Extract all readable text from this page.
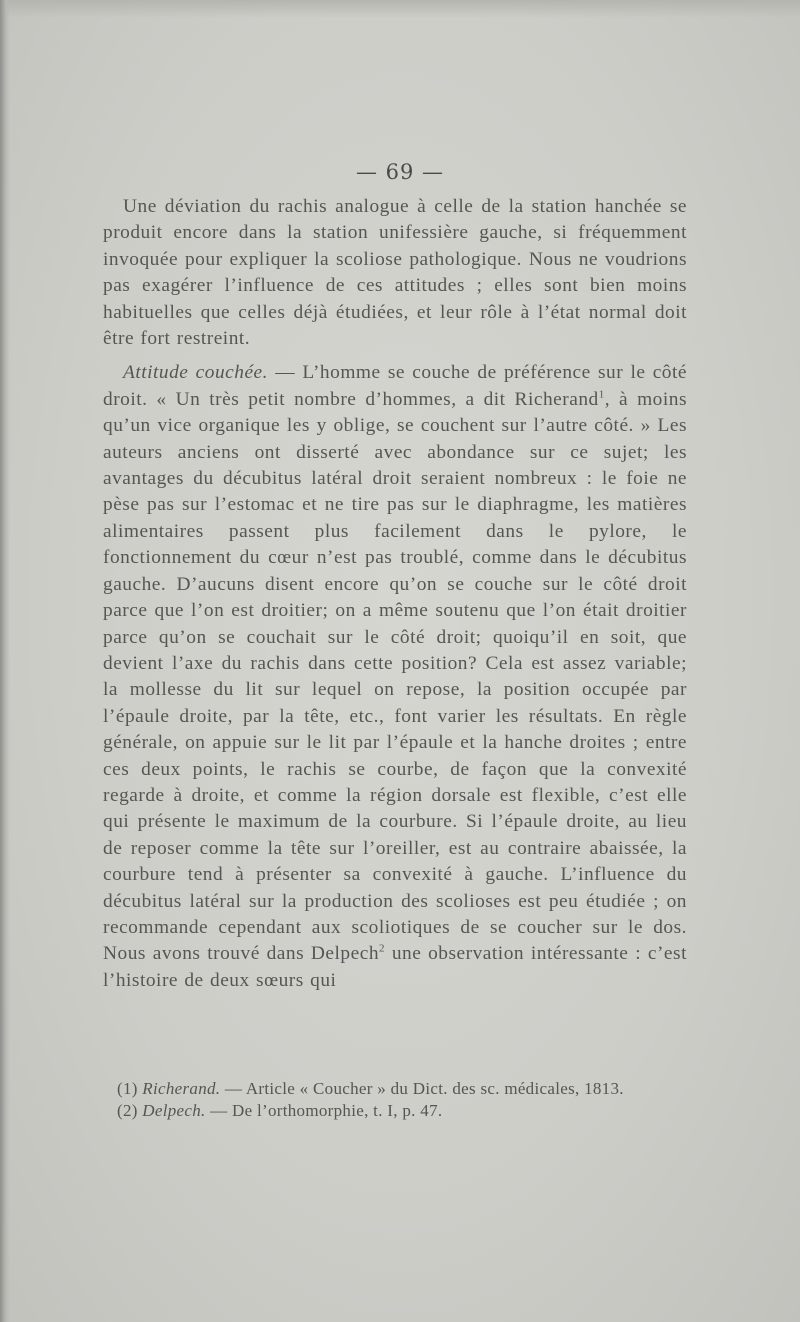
— 69 —

Une déviation du rachis analogue à celle de la station hanchée se produit encore dans la station unifessière gauche, si fréquemment invoquée pour expliquer la scoliose pathologique. Nous ne voudrions pas exagérer l’influence de ces attitudes ; elles sont bien moins habituelles que celles déjà étudiées, et leur rôle à l’état normal doit être fort restreint.

Attitude couchée. — L’homme se couche de préférence sur le côté droit. « Un très petit nombre d’hommes, a dit Richerand$^1$, à moins qu’un vice organique les y oblige, se couchent sur l’autre côté. » Les auteurs anciens ont disserté avec abondance sur ce sujet; les avantages du décubitus latéral droit seraient nombreux : le foie ne pèse pas sur l’estomac et ne tire pas sur le diaphragme, les matières alimentaires passent plus facilement dans le pylore, le fonctionnement du cœur n’est pas troublé, comme dans le décubitus gauche. D’aucuns disent encore qu’on se couche sur le côté droit parce que l’on est droitier; on a même soutenu que l’on était droitier parce qu’on se couchait sur le côté droit; quoiqu’il en soit, que devient l’axe du rachis dans cette position? Cela est assez variable; la mollesse du lit sur lequel on repose, la position occupée par l’épaule droite, par la tête, etc., font varier les résultats. En règle générale, on appuie sur le lit par l’épaule et la hanche droites ; entre ces deux points, le rachis se courbe, de façon que la convexité regarde à droite, et comme la région dorsale est flexible, c’est elle qui présente le maximum de la courbure. Si l’épaule droite, au lieu de reposer comme la tête sur l’oreiller, est au contraire abaissée, la courbure tend à présenter sa convexité à gauche. L’influence du décubitus latéral sur la production des scolioses est peu étudiée ; on recommande cependant aux scoliotiques de se coucher sur le dos. Nous avons trouvé dans Delpech$^2$ une observation intéressante : c’est l’histoire de deux sœurs qui

(1) Richerand. — Article « Coucher » du Dict. des sc. médicales, 1813.
(2) Delpech. — De l’orthomorphie, t. I, p. 47.
